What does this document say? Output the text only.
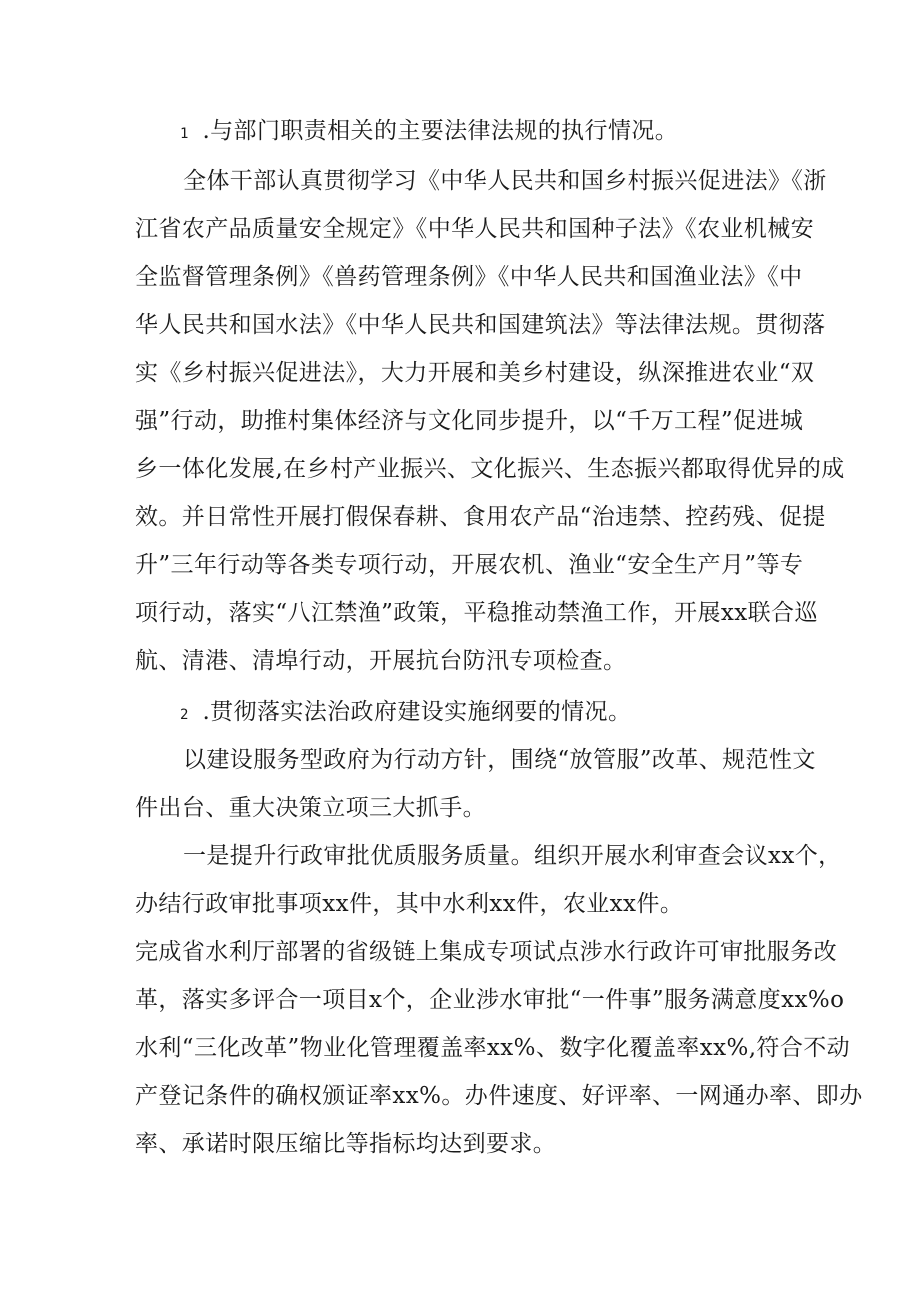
1 .与部门职责相关的主要法律法规的执行情况。
全体干部认真贯彻学习《中华人民共和国乡村振兴促进法》《浙
江省农产品质量安全规定》《中华人民共和国种子法》《农业机械安
全监督管理条例》《兽药管理条例》《中华人民共和国渔业法》《中
华人民共和国水法》《中华人民共和国建筑法》等法律法规。贯彻落
实《乡村振兴促进法》，大力开展和美乡村建设，纵深推进农业“双
强”行动，助推村集体经济与文化同步提升，以“千万工程”促进城
乡一体化发展,在乡村产业振兴、文化振兴、生态振兴都取得优异的成
效。并日常性开展打假保春耕、食用农产品“治违禁、控药残、促提
升”三年行动等各类专项行动，开展农机、渔业“安全生产月”等专
项行动，落实“八江禁渔”政策，平稳推动禁渔工作，开展xx联合巡
航、清港、清埠行动，开展抗台防汛专项检查。
2 .贯彻落实法治政府建设实施纲要的情况。
以建设服务型政府为行动方针，围绕“放管服”改革、规范性文
件出台、重大决策立项三大抓手。
一是提升行政审批优质服务质量。组织开展水利审查会议xx个，
办结行政审批事项xx件，其中水利xx件，农业xx件。
完成省水利厅部署的省级链上集成专项试点涉水行政许可审批服务改
革，落实多评合一项目x个，企业涉水审批“一件事”服务满意度xx%o
水利“三化改革”物业化管理覆盖率xx%、数字化覆盖率xx%,符合不动
产登记条件的确权颁证率xx%。办件速度、好评率、一网通办率、即办
率、承诺时限压缩比等指标均达到要求。
